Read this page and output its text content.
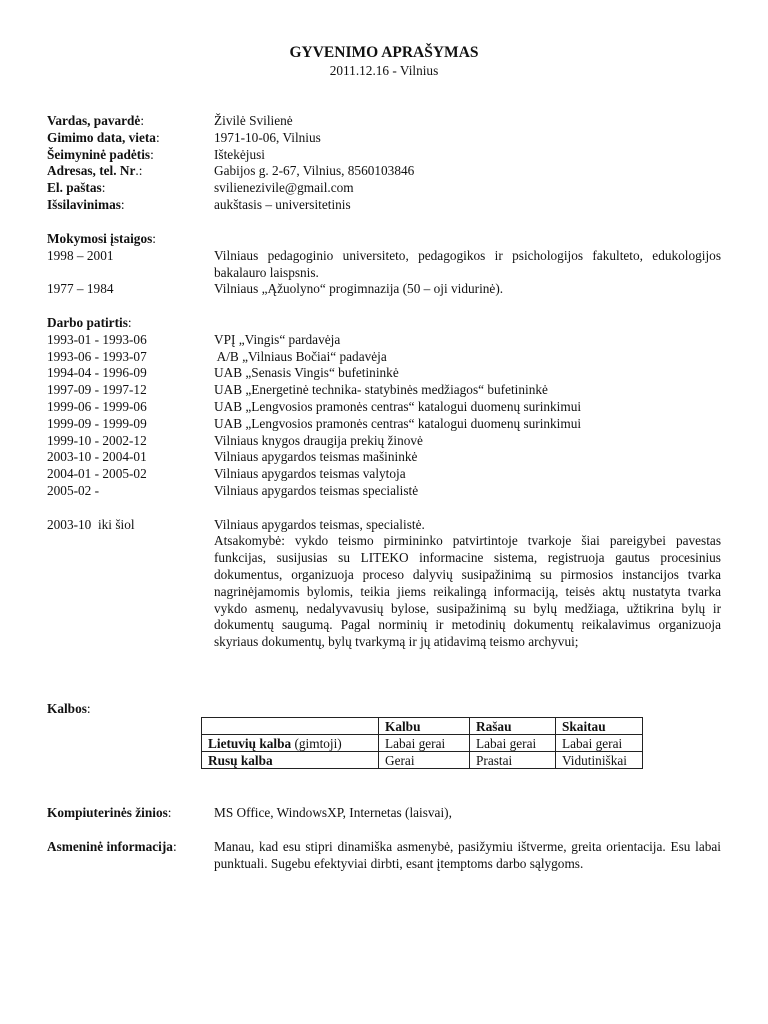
GYVENIMO APRAŠYMAS
2011.12.16 - Vilnius
Vardas, pavardė:	Živilė Svilienė
Gimimo data, vieta:	1971-10-06, Vilnius
Šeimyninė padėtis:	Ištekėjusi
Adresas, tel. Nr.:	Gabijos g. 2-67, Vilnius, 8560103846
El. paštas:	svilienezivile@gmail.com
Išsilavinimas:	aukštasis – universitetinis
Mokymosi įstaigos:
1998 – 2001	Vilniaus pedagoginio universiteto, pedagogikos ir psichologijos fakulteto, edukologijos bakalauro laispsnis.
1977 – 1984	Vilniaus „Ąžuolyno“ progimnazija (50 – oji vidurinė).
Darbo patirtis:
1993-01 - 1993-06	VPĮ „Vingis“ pardavėja
1993-06 - 1993-07	A/B „Vilniaus Bočiai“ padavėja
1994-04 - 1996-09	UAB „Senasis Vingis“ bufetininkė
1997-09 - 1997-12	UAB „Energetinė technika- statybinės medžiagos“ bufetininkė
1999-06 - 1999-06	UAB „Lengvosios pramonės centras“ katalogui duomenų surinkimui
1999-09 - 1999-09	UAB „Lengvosios pramonės centras“ katalogui duomenų surinkimui
1999-10 - 2002-12	Vilniaus knygos draugija prekių žinovė
2003-10 - 2004-01	Vilniaus apygardos teismas mašininkė
2004-01 - 2005-02	Vilniaus apygardos teismas valytoja
2005-02 -	Vilniaus apygardos teismas specialistė
2003-10  iki šiol	Vilniaus apygardos teismas, specialistė.
Atsakomybė: vykdo teismo pirmininko patvirtintoje tvarkoje šiai pareigybei pavestas funkcijas, susijusias su LITEKO informacine sistema, registruoja gautus procesinius dokumentus, organizuoja proceso dalyvių susipažinimą su pirmosios instancijos tvarka nagrinėjamomis bylomis, teikia jiems reikalingą informaciją, teisės aktų nustatyta tvarka vykdo asmenų, nedalyvavusių bylose, susipažinimą su bylų medžiaga, užtikrina bylų ir dokumentų saugumą. Pagal norminių ir metodinių dokumentų reikalavimus organizuoja skyriaus dokumentų, bylų tvarkymą ir jų atidavimą teismo archyvui;
Kalbos:
	Kalbu	Rašau	Skaitau
Lietuvių kalba (gimtoji)	Labai gerai	Labai gerai	Labai gerai
Rusų kalba	Gerai	Prastai	Vidutiniškai
Kompiuterinės žinios:	MS Office, WindowsXP, Internetas (laisvai),
Asmeninė informacija:	Manau, kad esu stipri dinamiška asmenybė, pasižymiu ištverme, greita orientacija. Esu labai punktuali. Sugebu efektyviai dirbti, esant įtemptoms darbo sąlygoms.
